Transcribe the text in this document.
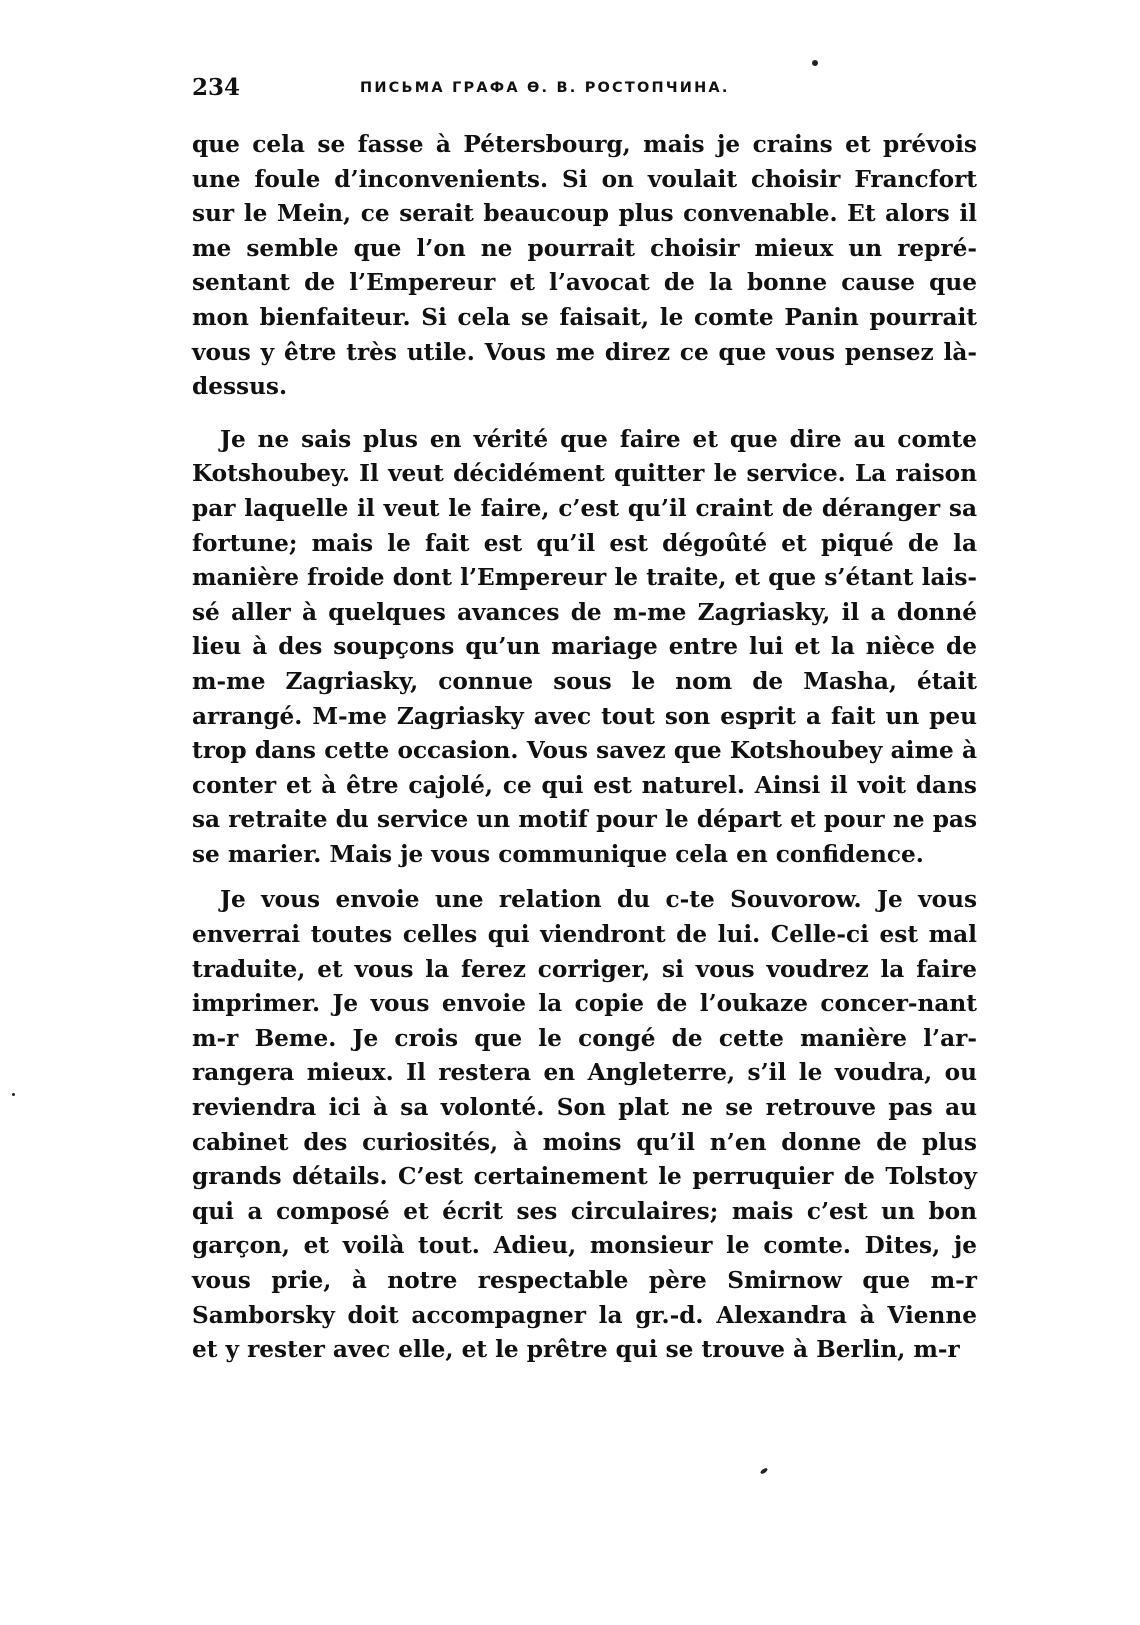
234	ПИСЬМА ГРАФА Ѳ. В. РОСТОПЧИНА.

que cela se fasse à Pétersbourg, mais je crains et prévois une foule d’inconvenients. Si on voulait choisir Francfort sur le Mein, ce serait beaucoup plus convenable. Et alors il me semble que l’on ne pourrait choisir mieux un repré-sentant de l’Empereur et l’avocat de la bonne cause que mon bienfaiteur. Si cela se faisait, le comte Panin pourrait vous y être très utile. Vous me direz ce que vous pensez là-dessus.

Je ne sais plus en vérité que faire et que dire au comte Kotshoubey. Il veut décidément quitter le service. La raison par laquelle il veut le faire, c’est qu’il craint de déranger sa fortune; mais le fait est qu’il est dégoûté et piqué de la manière froide dont l’Empereur le traite, et que s’étant lais-sé aller à quelques avances de m-me Zagriasky, il a donné lieu à des soupçons qu’un mariage entre lui et la nièce de m-me Zagriasky, connue sous le nom de Masha, était arrangé. M-me Zagriasky avec tout son esprit a fait un peu trop dans cette occasion. Vous savez que Kotshoubey aime à conter et à être cajolé, ce qui est naturel. Ainsi il voit dans sa retraite du service un motif pour le départ et pour ne pas se marier. Mais je vous communique cela en confidence.

Je vous envoie une relation du c-te Souvorow. Je vous enverrai toutes celles qui viendront de lui. Celle-ci est mal traduite, et vous la ferez corriger, si vous voudrez la faire imprimer. Je vous envoie la copie de l’oukaze concer-nant m-r Beme. Je crois que le congé de cette manière l’ar-rangera mieux. Il restera en Angleterre, s’il le voudra, ou reviendra ici à sa volonté. Son plat ne se retrouve pas au cabinet des curiosités, à moins qu’il n’en donne de plus grands détails. C’est certainement le perruquier de Tolstoy qui a composé et écrit ses circulaires; mais c’est un bon garçon, et voilà tout. Adieu, monsieur le comte. Dites, je vous prie, à notre respectable père Smirnow que m-r Samborsky doit accompagner la gr.-d. Alexandra à Vienne et y rester avec elle, et le prêtre qui se trouve à Berlin, m-r
